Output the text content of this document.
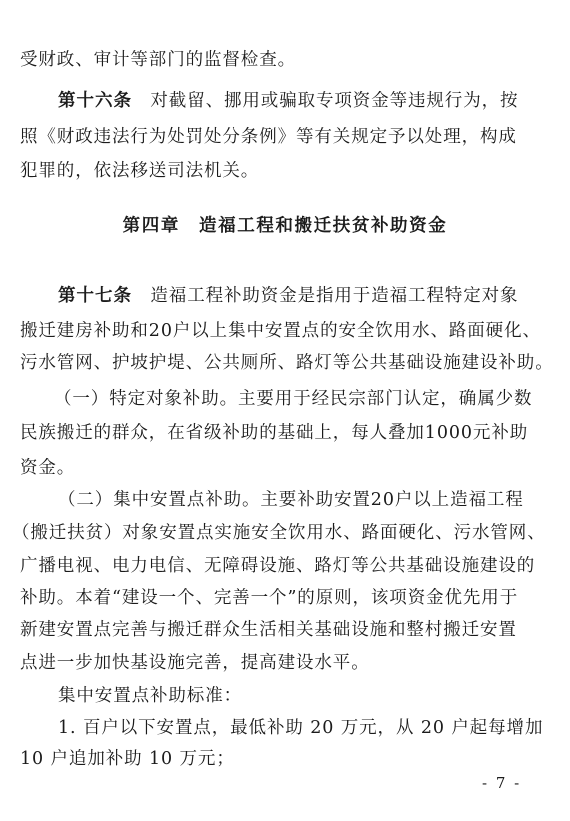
受财政、审计等部门的监督检查。
第十六条　 对截留、挪用或骗取专项资金等违规行为，按
照《财政违法行为处罚处分条例》等有关规定予以处理，构成
犯罪的，依法移送司法机关。
第四章　造福工程和搬迁扶贫补助资金
第十七条　 造福工程补助资金是指用于造福工程特定对象
搬迁建房补助和20户以上集中安置点的安全饮用水、路面硬化、
污水管网、护坡护堤、公共厕所、路灯等公共基础设施建设补助。
（一）特定对象补助。主要用于经民宗部门认定，确属少数
民族搬迁的群众，在省级补助的基础上，每人叠加1000元补助
资金。
（二）集中安置点补助。主要补助安置20户以上造福工程
（搬迁扶贫）对象安置点实施安全饮用水、路面硬化、污水管网、
广播电视、电力电信、无障碍设施、路灯等公共基础设施建设的
补助。本着“建设一个、完善一个”的原则，该项资金优先用于
新建安置点完善与搬迁群众生活相关基础设施和整村搬迁安置
点进一步加快基设施完善，提高建设水平。
集中安置点补助标准：
1. 百户以下安置点，最低补助 20 万元，从 20 户起每增加
10 户追加补助 10 万元；
- 7 -
